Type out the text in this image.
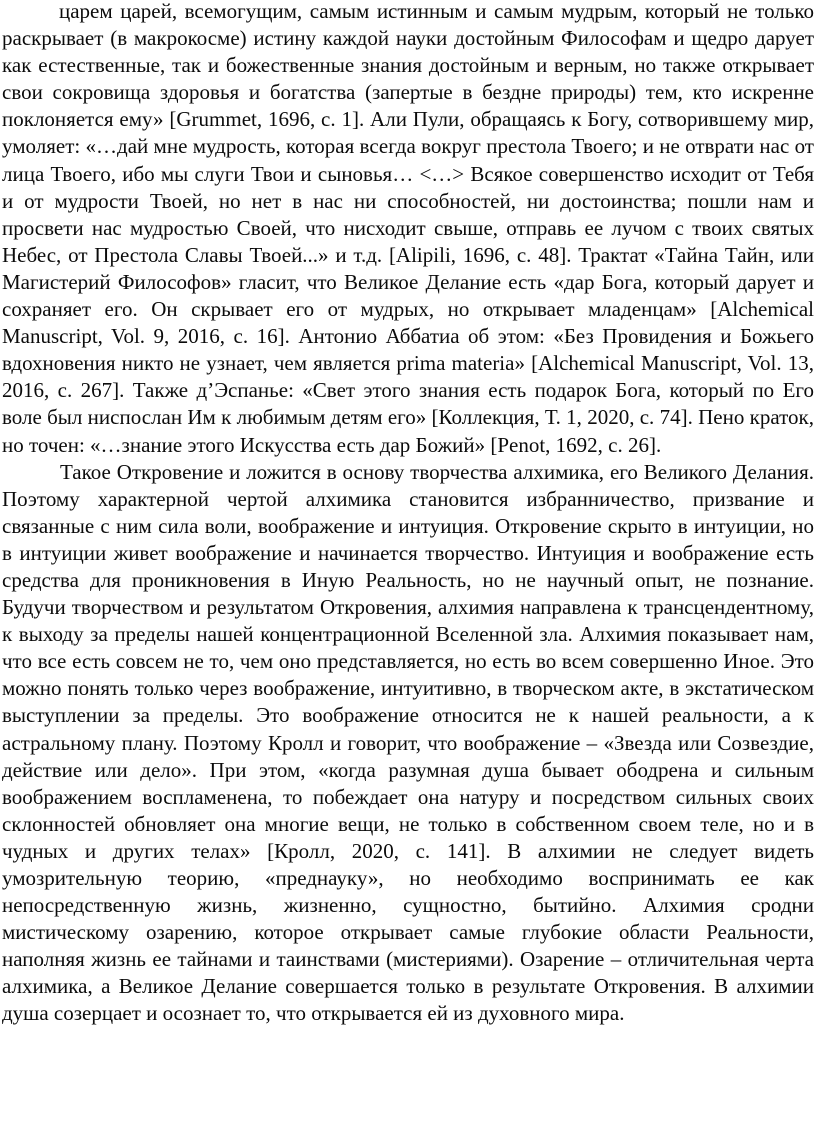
царем царей, всемогущим, самым истинным и самым мудрым, который не только раскрывает (в макрокосме) истину каждой науки достойным Философам и щедро дарует как естественные, так и божественные знания достойным и верным, но также открывает свои сокровища здоровья и богатства (запертые в бездне природы) тем, кто искренне поклоняется ему» [Grummet, 1696, с. 1]. Али Пули, обращаясь к Богу, сотворившему мир, умоляет: «…дай мне мудрость, которая всегда вокруг престола Твоего; и не отврати нас от лица Твоего, ибо мы слуги Твои и сыновья… <…> Всякое совершенство исходит от Тебя и от мудрости Твоей, но нет в нас ни способностей, ни достоинства; пошли нам и просвети нас мудростью Своей, что нисходит свыше, отправь ее лучом с твоих святых Небес, от Престола Славы Твоей...» и т.д. [Alipili, 1696, с. 48]. Трактат «Тайна Тайн, или Магистерий Философов» гласит, что Великое Делание есть «дар Бога, который дарует и сохраняет его. Он скрывает его от мудрых, но открывает младенцам» [Alchemical Manuscript, Vol. 9, 2016, с. 16]. Антонио Аббатиа об этом: «Без Провидения и Божьего вдохновения никто не узнает, чем является prima materia» [Alchemical Manuscript, Vol. 13, 2016, с. 267]. Также д’Эспанье: «Свет этого знания есть подарок Бога, который по Его воле был ниспослан Им к любимым детям его» [Коллекция, Т. 1, 2020, с. 74]. Пено краток, но точен: «…знание этого Искусства есть дар Божий» [Penot, 1692, с. 26].

Такое Откровение и ложится в основу творчества алхимика, его Великого Делания. Поэтому характерной чертой алхимика становится избранничество, призвание и связанные с ним сила воли, воображение и интуиция. Откровение скрыто в интуиции, но в интуиции живет воображение и начинается творчество. Интуиция и воображение есть средства для проникновения в Иную Реальность, но не научный опыт, не познание. Будучи творчеством и результатом Откровения, алхимия направлена к трансцендентному, к выходу за пределы нашей концентрационной Вселенной зла. Алхимия показывает нам, что все есть совсем не то, чем оно представляется, но есть во всем совершенно Иное. Это можно понять только через воображение, интуитивно, в творческом акте, в экстатическом выступлении за пределы. Это воображение относится не к нашей реальности, а к астральному плану. Поэтому Кролл и говорит, что воображение – «Звезда или Созвездие, действие или дело». При этом, «когда разумная душа бывает ободрена и сильным воображением воспламенена, то побеждает она натуру и посредством сильных своих склонностей обновляет она многие вещи, не только в собственном своем теле, но и в чудных и других телах» [Кролл, 2020, с. 141]. В алхимии не следует видеть умозрительную теорию, «преднауку», но необходимо воспринимать ее как непосредственную жизнь, жизненно, сущностно, бытийно. Алхимия сродни мистическому озарению, которое открывает самые глубокие области Реальности, наполняя жизнь ее тайнами и таинствами (мистериями). Озарение – отличительная черта алхимика, а Великое Делание совершается только в результате Откровения. В алхимии душа созерцает и осознает то, что открывается ей из духовного мира.
